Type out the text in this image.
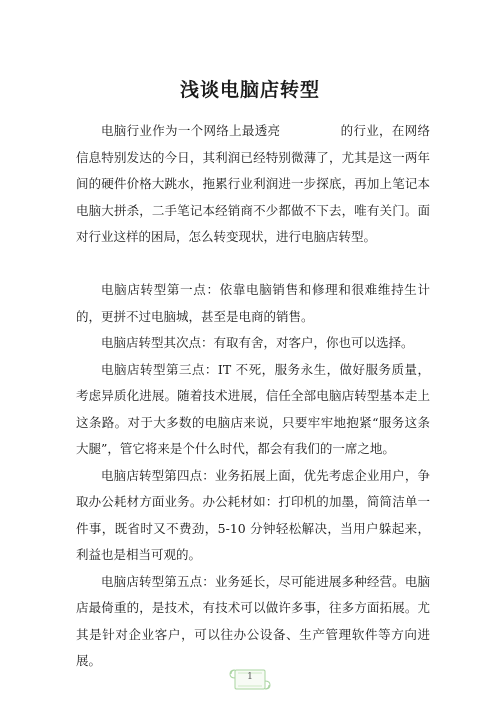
浅谈电脑店转型

电脑行业作为一个网络上最透亮	的行业，在网络信息特别发达的今日，其利润已经特别微薄了，尤其是这一两年间的硬件价格大跳水，拖累行业利润进一步探底，再加上笔记本电脑大拼杀，二手笔记本经销商不少都做不下去，唯有关门。面对行业这样的困局，怎么转变现状，进行电脑店转型。

电脑店转型第一点：依靠电脑销售和修理和很难维持生计的，更拼不过电脑城，甚至是电商的销售。

电脑店转型其次点：有取有舍，对客户，你也可以选择。

电脑店转型第三点：IT 不死，服务永生，做好服务质量，考虑异质化进展。随着技术进展，信任全部电脑店转型基本走上这条路。对于大多数的电脑店来说，只要牢牢地抱紧“服务这条大腿”，管它将来是个什么时代，都会有我们的一席之地。

电脑店转型第四点：业务拓展上面，优先考虑企业用户，争取办公耗材方面业务。办公耗材如：打印机的加墨，简简洁单一件事，既省时又不费劲，5-10 分钟轻松解决，当用户躲起来，利益也是相当可观的。

电脑店转型第五点：业务延长，尽可能进展多种经营。电脑店最倚重的，是技术，有技术可以做许多事，往多方面拓展。尤其是针对企业客户，可以往办公设备、生产管理软件等方向进展。

1
